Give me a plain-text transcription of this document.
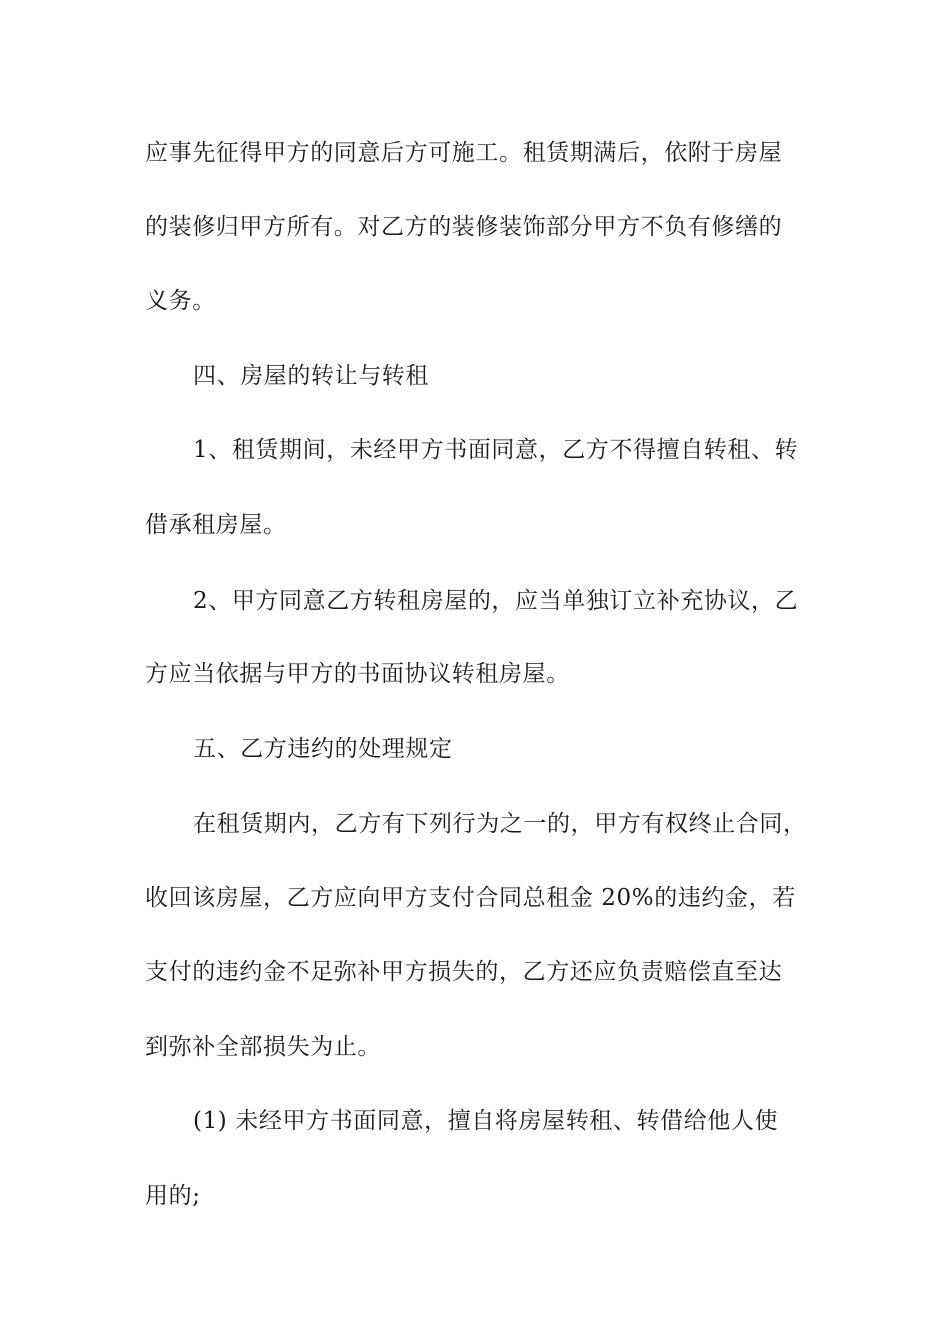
应事先征得甲方的同意后方可施工。租赁期满后，依附于房屋
的装修归甲方所有。对乙方的装修装饰部分甲方不负有修缮的
义务。
四、房屋的转让与转租
1、租赁期间，未经甲方书面同意，乙方不得擅自转租、转
借承租房屋。
2、甲方同意乙方转租房屋的，应当单独订立补充协议，乙
方应当依据与甲方的书面协议转租房屋。
五、乙方违约的处理规定
在租赁期内，乙方有下列行为之一的，甲方有权终止合同，
收回该房屋，乙方应向甲方支付合同总租金 20%的违约金，若
支付的违约金不足弥补甲方损失的，乙方还应负责赔偿直至达
到弥补全部损失为止。
(1) 未经甲方书面同意，擅自将房屋转租、转借给他人使
用的;
